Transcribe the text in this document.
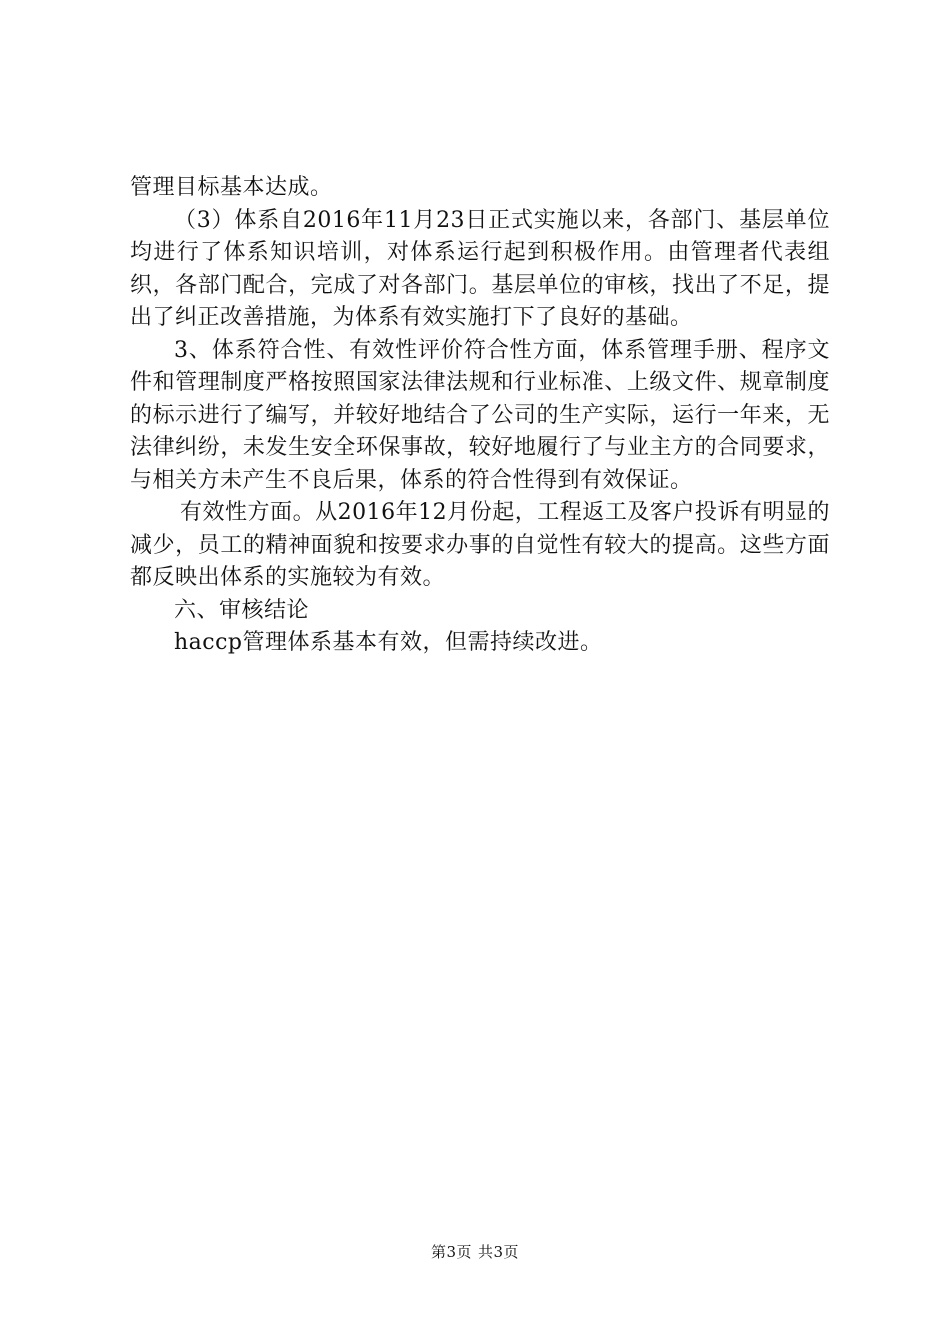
管理目标基本达成。

（3）体系自2016年11月23日正式实施以来，各部门、基层单位均进行了体系知识培训，对体系运行起到积极作用。由管理者代表组织，各部门配合，完成了对各部门。基层单位的审核，找出了不足，提出了纠正改善措施，为体系有效实施打下了良好的基础。

3、体系符合性、有效性评价符合性方面，体系管理手册、程序文件和管理制度严格按照国家法律法规和行业标准、上级文件、规章制度的标示进行了编写，并较好地结合了公司的生产实际，运行一年来，无法律纠纷，未发生安全环保事故，较好地履行了与业主方的合同要求，与相关方未产生不良后果，体系的符合性得到有效保证。

有效性方面。从2016年12月份起，工程返工及客户投诉有明显的减少，员工的精神面貌和按要求办事的自觉性有较大的提高。这些方面都反映出体系的实施较为有效。

六、审核结论

haccp管理体系基本有效，但需持续改进。

第3页 共3页
